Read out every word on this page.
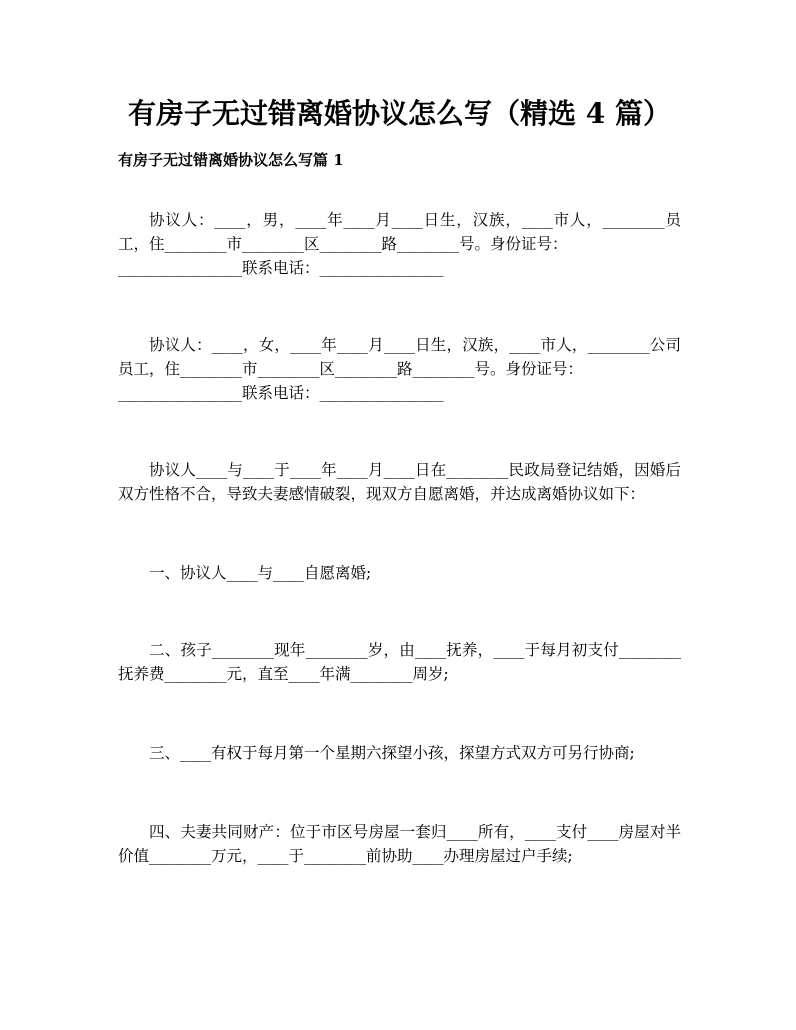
有房子无过错离婚协议怎么写（精选 4 篇）
有房子无过错离婚协议怎么写篇 1
协议人：____，男，____年____月____日生，汉族，____市人，________员
工，住________市________区________路________号。身份证号：
________________联系电话：________________
协议人：____，女，____年____月____日生，汉族，____市人，________公司
员工，住________市________区________路________号。身份证号：
________________联系电话：________________
协议人____与____于____年____月____日在________民政局登记结婚，因婚后
双方性格不合，导致夫妻感情破裂，现双方自愿离婚，并达成离婚协议如下：
一、协议人____与____自愿离婚;
二、孩子________现年________岁，由____抚养，____于每月初支付________
抚养费________元，直至____年满________周岁;
三、____有权于每月第一个星期六探望小孩，探望方式双方可另行协商;
四、夫妻共同财产：位于市区号房屋一套归____所有，____支付____房屋对半
价值________万元，____于________前协助____办理房屋过户手续;
